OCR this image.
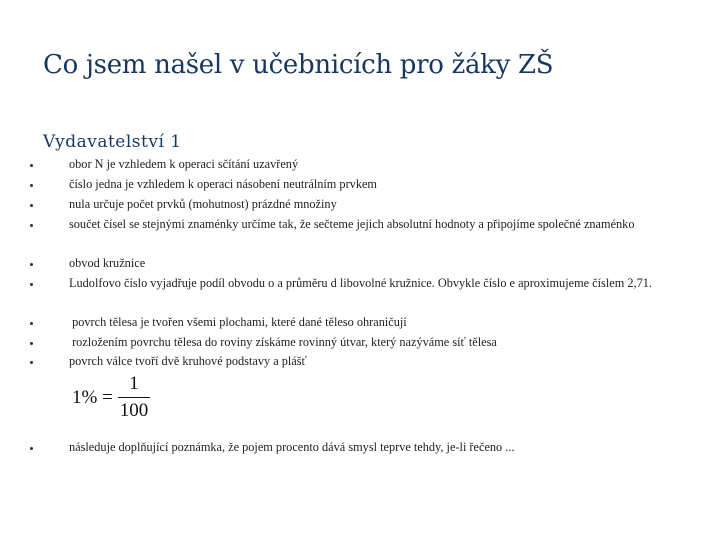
Co jsem našel v učebnicích pro žáky ZŠ
Vydavatelství 1
obor N je vzhledem k operaci sčítání uzavřený
číslo jedna je vzhledem k operaci násobení neutrálním prvkem
nula určuje počet prvků (mohutnost) prázdné množiny
součet čísel se stejnými znaménky určíme tak, že sečteme jejich absolutní hodnoty a připojíme společné znaménko
obvod kružnice
Ludolfovo číslo vyjadřuje podíl obvodu o a průměru d libovolné kružnice. Obvykle číslo e aproximujeme číslem 2,71.
povrch tělesa je tvořen všemi plochami, které dané těleso ohraničují
rozložením povrchu tělesa do roviny získáme rovinný útvar, který nazýváme síť tělesa
povrch válce tvoří dvě kruhové podstavy a plášť
následuje doplňující poznámka, že pojem procento dává smysl teprve tehdy, je-li řečeno ...
1% =
1
100
